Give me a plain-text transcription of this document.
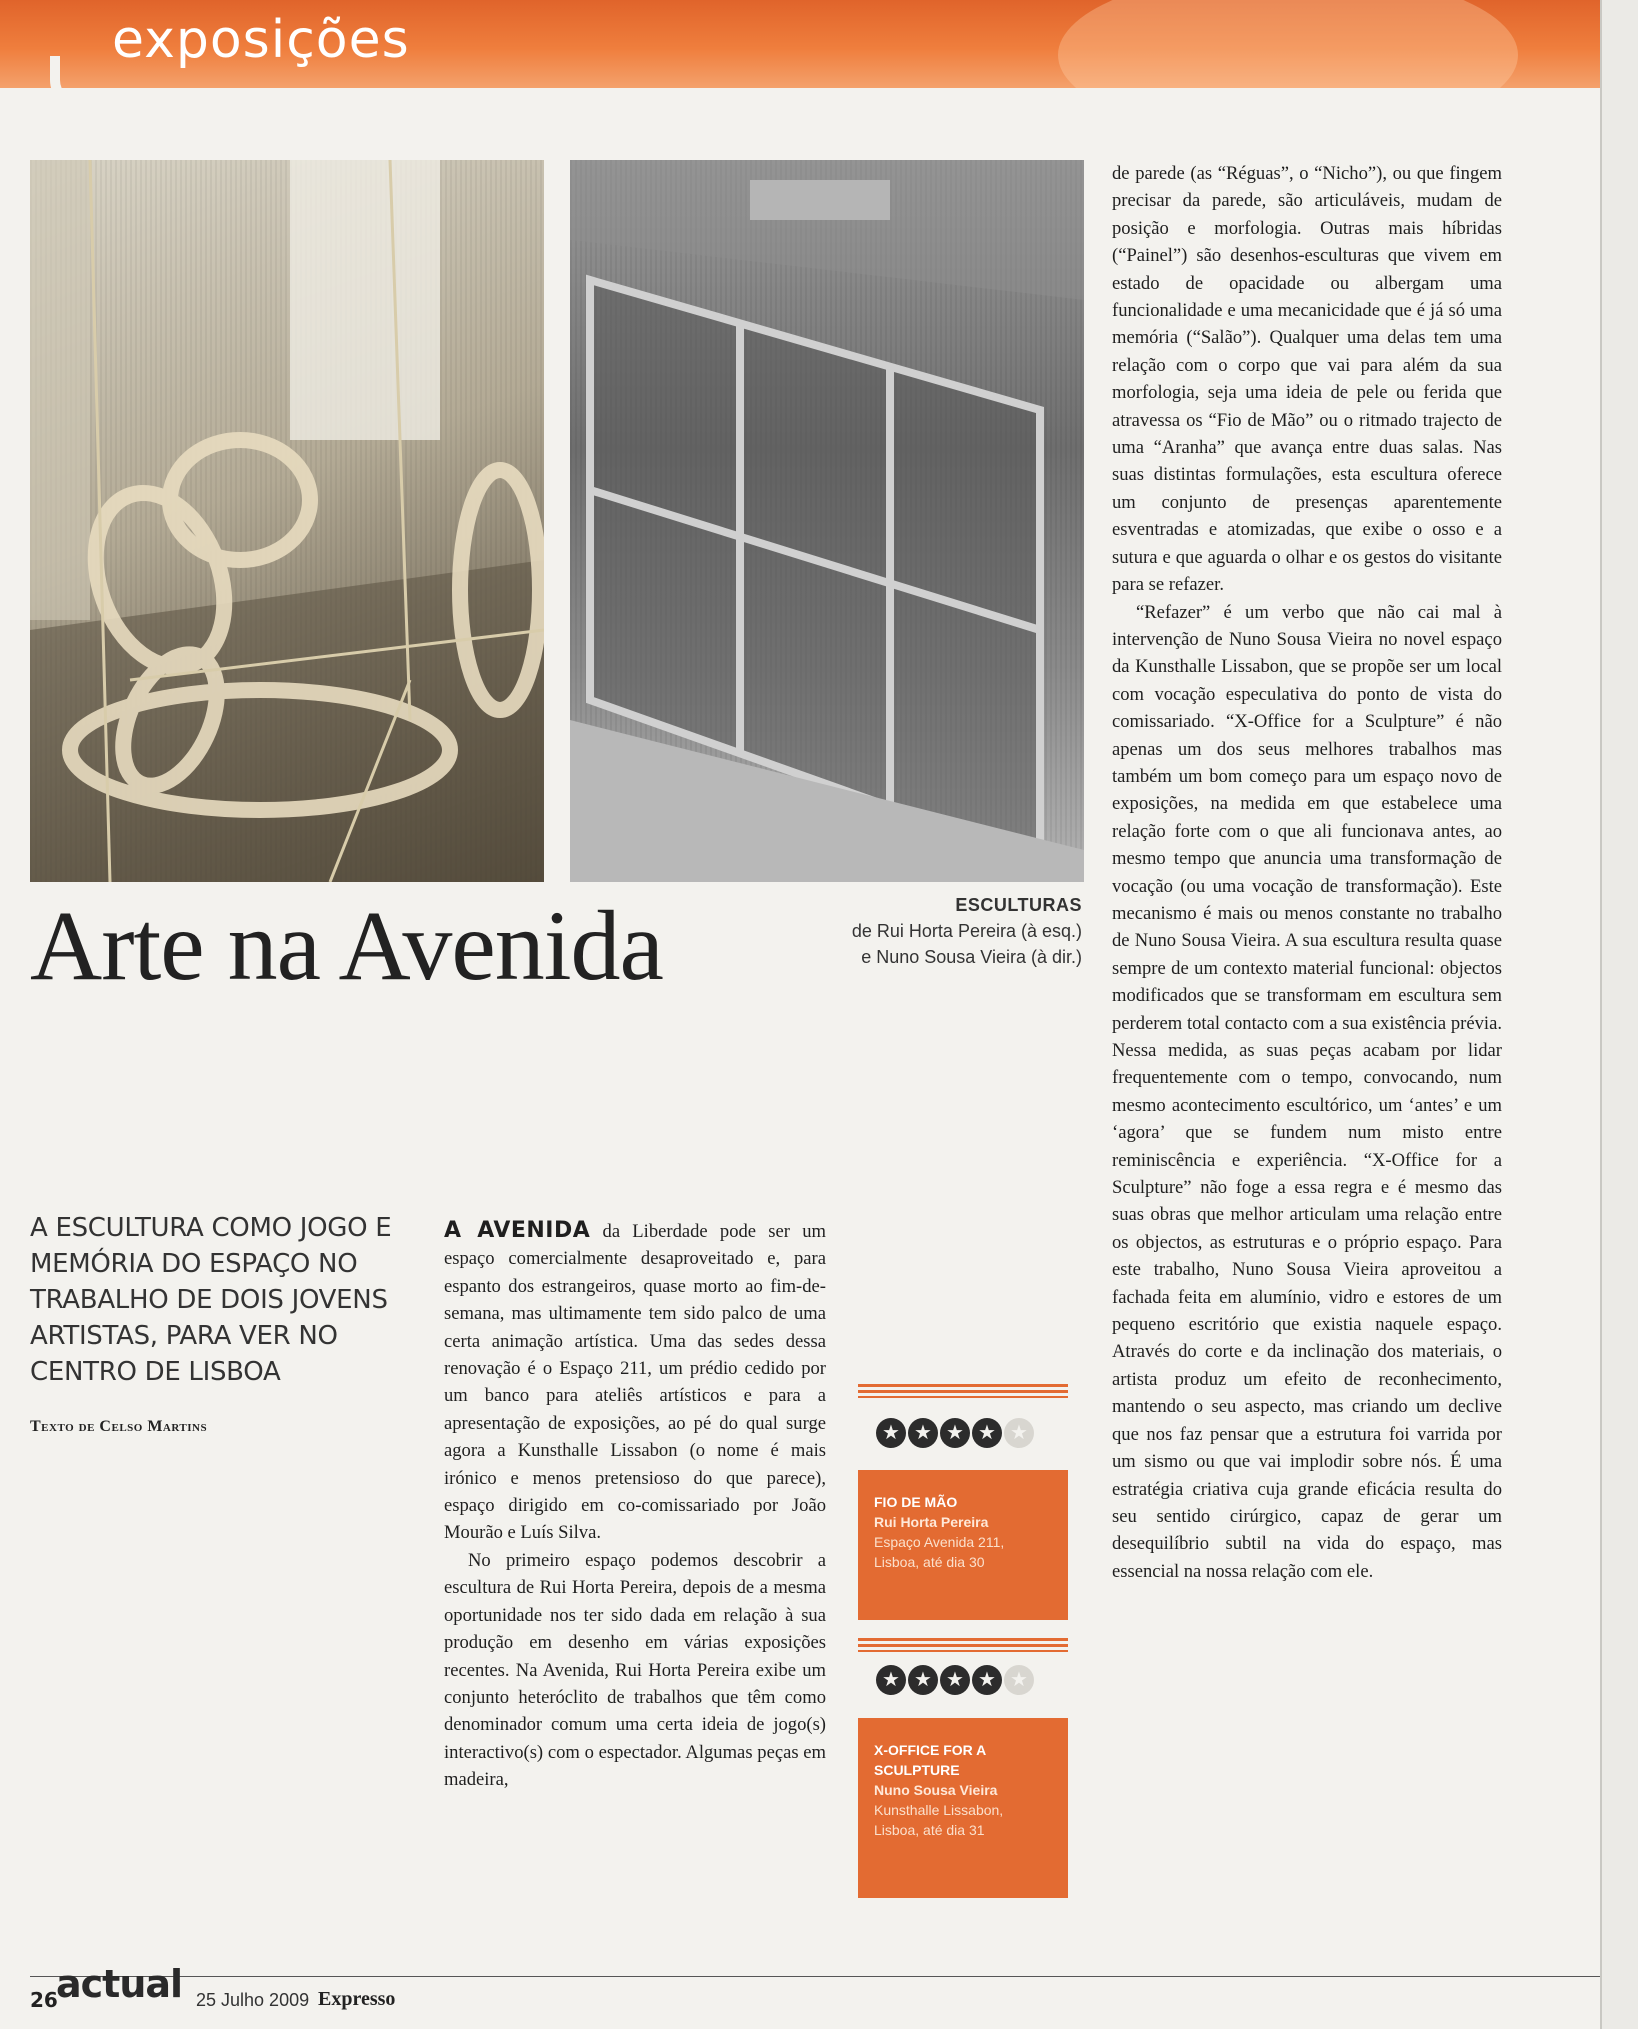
exposições
Arte na Avenida	ESCULTURAS
de Rui Horta Pereira (à esq.) e Nuno Sousa Vieira (à dir.)
A ESCULTURA COMO JOGO E MEMÓRIA DO ESPAÇO NO TRABALHO DE DOIS JOVENS ARTISTAS, PARA VER NO CENTRO DE LISBOA
Texto de Celso Martins

A AVENIDA da Liberdade pode ser um espaço comercialmente desaproveitado e, para espanto dos estrangeiros, quase morto ao fim-de-semana, mas ultimamente tem sido palco de uma certa animação artística. Uma das sedes dessa renovação é o Espaço 211, um prédio cedido por um banco para ateliês artísticos e para a apresentação de exposições, ao pé do qual surge agora a Kunsthalle Lissabon (o nome é mais irónico e menos pretensioso do que parece), espaço dirigido em co-comissariado por João Mourão e Luís Silva.

No primeiro espaço podemos descobrir a escultura de Rui Horta Pereira, depois de a mesma oportunidade nos ter sido dada em relação à sua produção em desenho em várias exposições recentes. Na Avenida, Rui Horta Pereira exibe um conjunto heteróclito de trabalhos que têm como denominador comum uma certa ideia de jogo(s) interactivo(s) com o espectador. Algumas peças em madeira,

de parede (as “Réguas”, o “Nicho”), ou que fingem precisar da parede, são articuláveis, mudam de posição e morfologia. Outras mais híbridas (“Painel”) são desenhos-esculturas que vivem em estado de opacidade ou albergam uma funcionalidade e uma mecanicidade que é já só uma memória (“Salão”). Qualquer uma delas tem uma relação com o corpo que vai para além da sua morfologia, seja uma ideia de pele ou ferida que atravessa os “Fio de Mão” ou o ritmado trajecto de uma “Aranha” que avança entre duas salas. Nas suas distintas formulações, esta escultura oferece um conjunto de presenças aparentemente esventradas e atomizadas, que exibe o osso e a sutura e que aguarda o olhar e os gestos do visitante para se refazer.

“Refazer” é um verbo que não cai mal à intervenção de Nuno Sousa Vieira no novel espaço da Kunsthalle Lissabon, que se propõe ser um local com vocação especulativa do ponto de vista do comissariado. “X-Office for a Sculpture” é não apenas um dos seus melhores trabalhos mas também um bom começo para um espaço novo de exposições, na medida em que estabelece uma relação forte com o que ali funcionava antes, ao mesmo tempo que anuncia uma transformação de vocação (ou uma vocação de transformação). Este mecanismo é mais ou menos constante no trabalho de Nuno Sousa Vieira. A sua escultura resulta quase sempre de um contexto material funcional: objectos modificados que se transformam em escultura sem perderem total contacto com a sua existência prévia. Nessa medida, as suas peças acabam por lidar frequentemente com o tempo, convocando, num mesmo acontecimento escultórico, um ‘antes’ e um ‘agora’ que se fundem num misto entre reminiscência e experiência. “X-Office for a Sculpture” não foge a essa regra e é mesmo das suas obras que melhor articulam uma relação entre os objectos, as estruturas e o próprio espaço. Para este trabalho, Nuno Sousa Vieira aproveitou a fachada feita em alumínio, vidro e estores de um pequeno escritório que existia naquele espaço. Através do corte e da inclinação dos materiais, o artista produz um efeito de reconhecimento, mantendo o seu aspecto, mas criando um declive que nos faz pensar que a estrutura foi varrida por um sismo ou que vai implodir sobre nós. É uma estratégia criativa cuja grande eficácia resulta do seu sentido cirúrgico, capaz de gerar um desequilíbrio subtil na vida do espaço, mas essencial na nossa relação com ele.

★ ★ ★ ★ ★
FIO DE MÃO
Rui Horta Pereira
Espaço Avenida 211, Lisboa, até dia 30
★ ★ ★ ★ ★
X-OFFICE FOR A SCULPTURE
Nuno Sousa Vieira
Kunsthalle Lissabon, Lisboa, até dia 31
26
actual 25 Julho 2009 Expresso
